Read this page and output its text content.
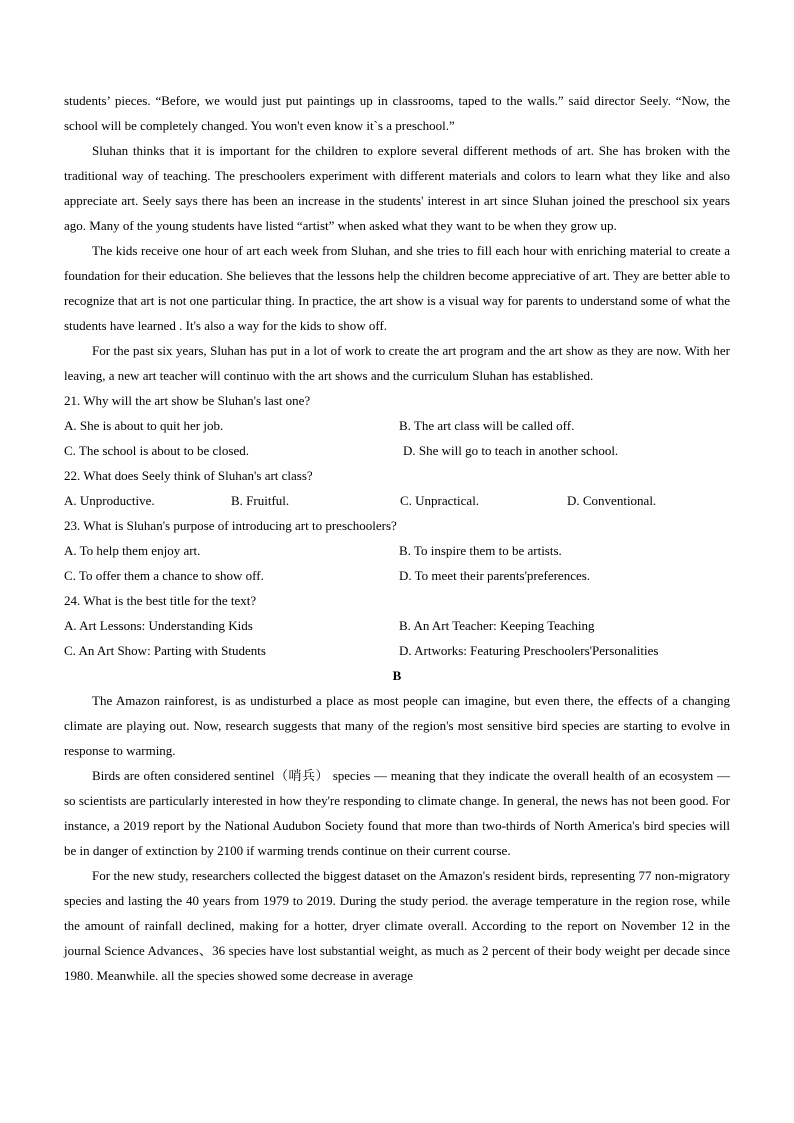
students’ pieces. “Before, we would just put paintings up in classrooms, taped to the walls.” said director Seely. “Now, the school will be completely changed. You won't even know it`s a preschool.”

Sluhan thinks that it is important for the children to explore several different methods of art. She has broken with the traditional way of teaching. The preschoolers experiment with different materials and colors to learn what they like and also appreciate art. Seely says there has been an increase in the students' interest in art since Sluhan joined the preschool six years ago. Many of the young students have listed “artist” when asked what they want to be when they grow up.

The kids receive one hour of art each week from Sluhan, and she tries to fill each hour with enriching material to create a foundation for their education. She believes that the lessons help the children become appreciative of art. They are better able to recognize that art is not one particular thing. In practice, the art show is a visual way for parents to understand some of what the students have learned . It's also a way for the kids to show off.

For the past six years, Sluhan has put in a lot of work to create the art program and the art show as they are now. With her leaving, a new art teacher will continuo with the art shows and the curriculum Sluhan has established.

21. Why will the art show be Sluhan's last one?
A. She is about to quit her job.	B. The art class will be called off.
C. The school is about to be closed.	D. She will go to teach in another school.
22. What does Seely think of Sluhan's art class?
A. Unproductive.	B. Fruitful.	C. Unpractical.	D. Conventional.
23. What is Sluhan's purpose of introducing art to preschoolers?
A. To help them enjoy art.	B. To inspire them to be artists.
C. To offer them a chance to show off.	D. To meet their parents'preferences.
24. What is the best title for the text?
A. Art Lessons: Understanding Kids	B. An Art Teacher: Keeping Teaching
C. An Art Show: Parting with Students	D. Artworks: Featuring Preschoolers'Personalities
B

The Amazon rainforest, is as undisturbed a place as most people can imagine, but even there, the effects of a changing climate are playing out. Now, research suggests that many of the region's most sensitive bird species are starting to evolve in response to warming.

Birds are often considered sentinel（哨兵） species — meaning that they indicate the overall health of an ecosystem — so scientists are particularly interested in how they're responding to climate change. In general, the news has not been good. For instance, a 2019 report by the National Audubon Society found that more than two-thirds of North America's bird species will be in danger of extinction by 2100 if warming trends continue on their current course.

For the new study, researchers collected the biggest dataset on the Amazon's resident birds, representing 77 non-migratory species and lasting the 40 years from 1979 to 2019. During the study period. the average temperature in the region rose, while the amount of rainfall declined, making for a hotter, dryer climate overall. According to the report on November 12 in the journal Science Advances、36 species have lost substantial weight, as much as 2 percent of their body weight per decade since 1980. Meanwhile. all the species showed some decrease in average
